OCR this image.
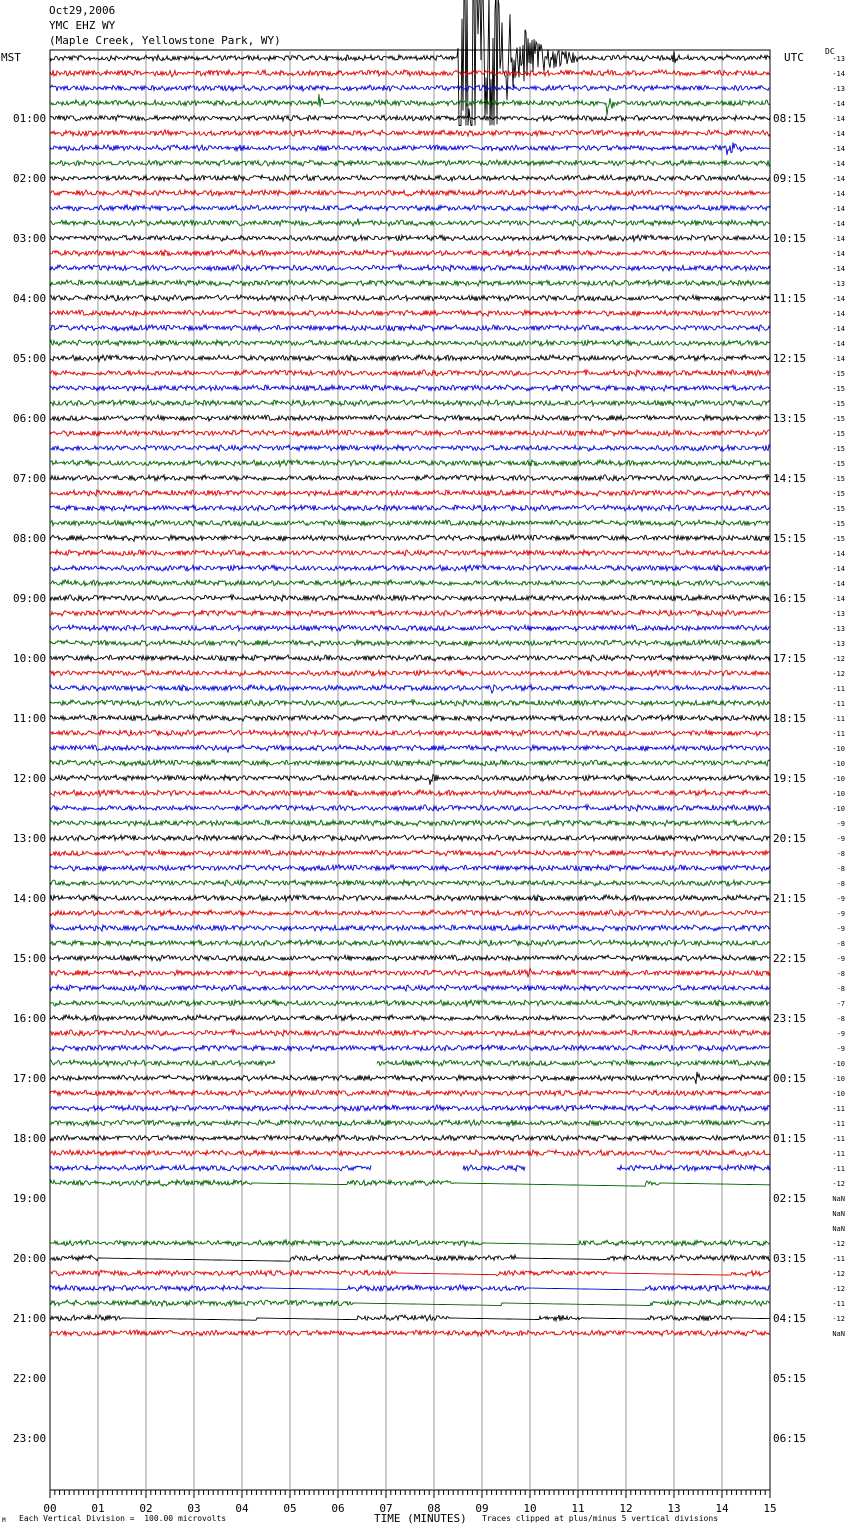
Oct29,2006
YMC EHZ WY
(Maple Creek, Yellowstone Park, WY)
MST	UTC	DC
00	01	02	03	04	05	06	07	08	09	10	11	12	13	14	15
01:00
02:00
03:00
04:00
05:00
06:00
07:00
08:00
09:00
10:00
11:00
12:00
13:00
14:00
15:00
16:00
17:00
18:00
19:00
20:00
21:00
22:00
23:00
08:15
09:15
10:15
11:15
12:15
13:15
14:15
15:15
16:15
17:15
18:15
19:15
20:15
21:15
22:15
23:15
00:15
01:15
02:15
03:15
04:15
05:15
06:15
-13
-14
-13
-14
-14
-14
-14
-14
-14
-14
-14
-14
-14
-14
-14
-13
-14
-14
-14
-14
-14
-15
-15
-15
-15
-15
-15
-15
-15
-15
-15
-15
-15
-14
-14
-14
-14
-13
-13
-13
-12
-12
-11
-11
-11
-11
-10
-10
-10
-10
-10
-9
-9
-8
-8
-8
-9
-9
-9
-8
-9
-8
-8
-7
-8
-9
-9
-10
-10
-10
-11
-11
-11
-11
-11
-12
NaN
NaN
NaN
-12
-11
-12
-12
-11
-12
NaN
Each Vertical Division =  100.00 microvolts	TIME (MINUTES) Traces clipped at plus/minus 5 vertical divisions
M
